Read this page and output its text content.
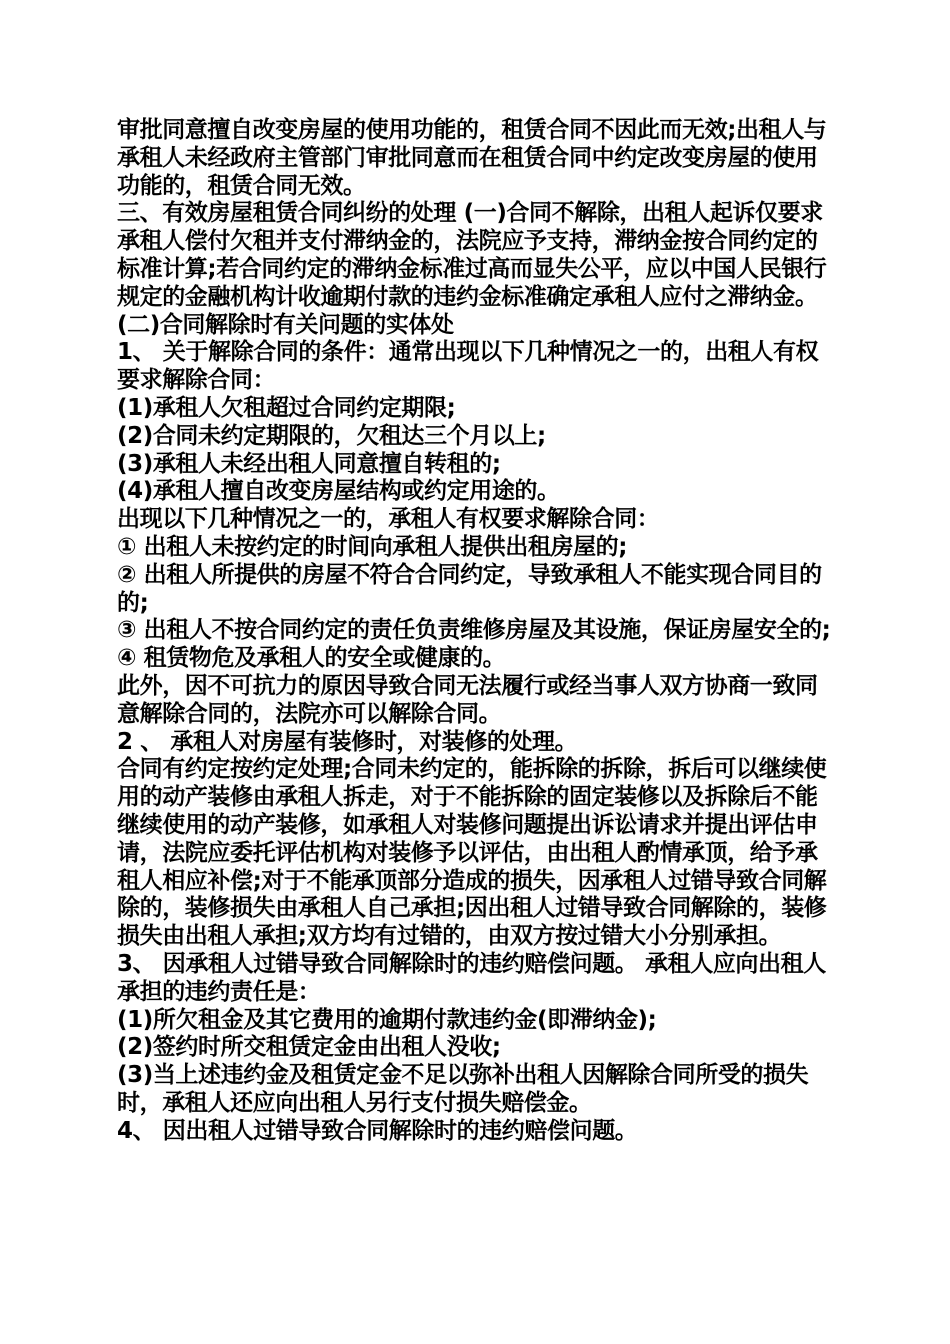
审批同意擅自改变房屋的使用功能的，租赁合同不因此而无效;出租人与承租人未经政府主管部门审批同意而在租赁合同中约定改变房屋的使用功能的，租赁合同无效。

三、有效房屋租赁合同纠纷的处理 (一)合同不解除，出租人起诉仅要求承租人偿付欠租并支付滞纳金的，法院应予支持，滞纳金按合同约定的标准计算;若合同约定的滞纳金标准过高而显失公平，应以中国人民银行规定的金融机构计收逾期付款的违约金标准确定承租人应付之滞纳金。

(二)合同解除时有关问题的实体处

1、 关于解除合同的条件：通常出现以下几种情况之一的，出租人有权要求解除合同：

(1)承租人欠租超过合同约定期限;

(2)合同未约定期限的，欠租达三个月以上;

(3)承租人未经出租人同意擅自转租的;

(4)承租人擅自改变房屋结构或约定用途的。

出现以下几种情况之一的，承租人有权要求解除合同：

① 出租人未按约定的时间向承租人提供出租房屋的;

② 出租人所提供的房屋不符合合同约定，导致承租人不能实现合同目的的;

③ 出租人不按合同约定的责任负责维修房屋及其设施，保证房屋安全的;

④ 租赁物危及承租人的安全或健康的。

此外，因不可抗力的原因导致合同无法履行或经当事人双方协商一致同意解除合同的，法院亦可以解除合同。

2 、 承租人对房屋有装修时，对装修的处理。

合同有约定按约定处理;合同未约定的，能拆除的拆除，拆后可以继续使用的动产装修由承租人拆走，对于不能拆除的固定装修以及拆除后不能继续使用的动产装修，如承租人对装修问题提出诉讼请求并提出评估申请，法院应委托评估机构对装修予以评估，由出租人酌情承顶，给予承租人相应补偿;对于不能承顶部分造成的损失，因承租人过错导致合同解除的，装修损失由承租人自己承担;因出租人过错导致合同解除的，装修损失由出租人承担;双方均有过错的，由双方按过错大小分别承担。

3、 因承租人过错导致合同解除时的违约赔偿问题。 承租人应向出租人承担的违约责任是：

(1)所欠租金及其它费用的逾期付款违约金(即滞纳金);

(2)签约时所交租赁定金由出租人没收;

(3)当上述违约金及租赁定金不足以弥补出租人因解除合同所受的损失时，承租人还应向出租人另行支付损失赔偿金。

4、 因出租人过错导致合同解除时的违约赔偿问题。
